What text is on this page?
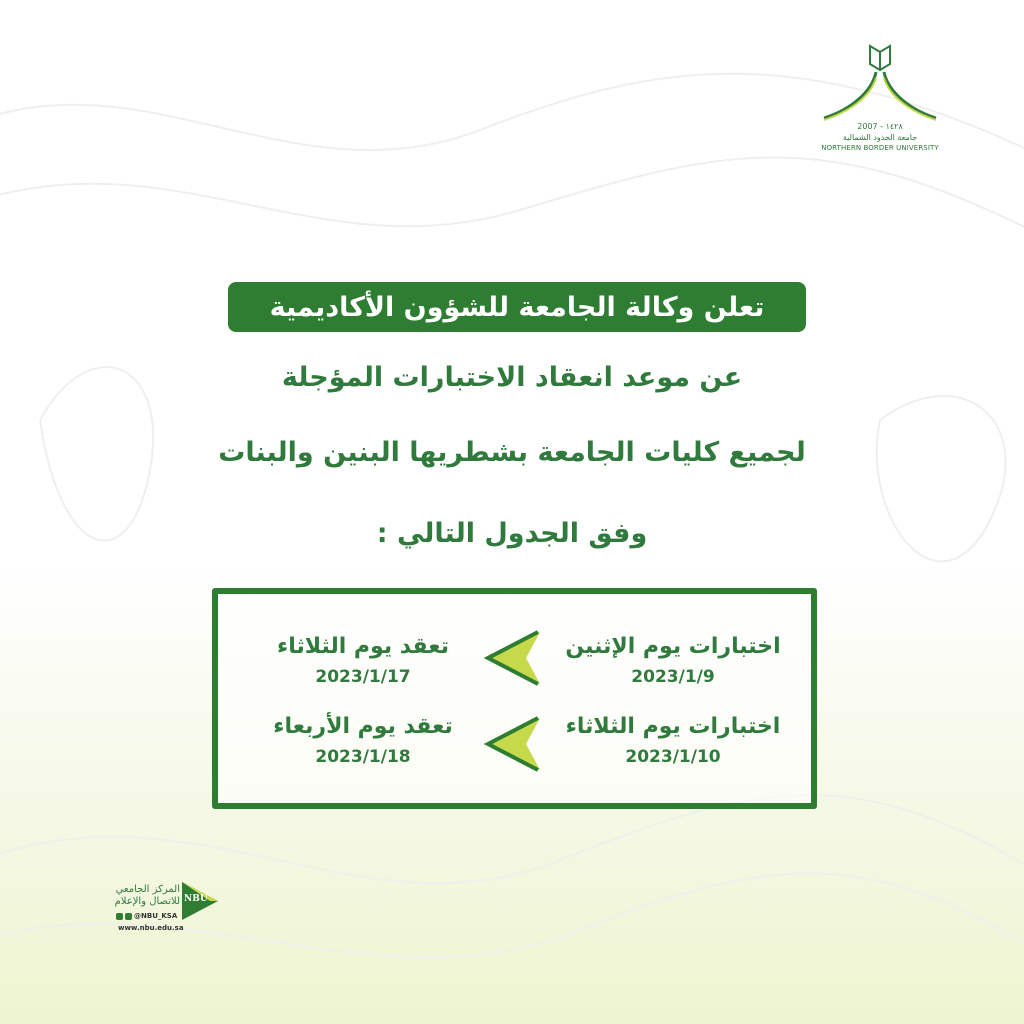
2007 - ١٤٢٨
جامعة الحدود الشمالية
NORTHERN BORDER UNIVERSITY
تعلن وكالة الجامعة للشؤون الأكاديمية
عن موعد انعقاد الاختبارات المؤجلة
لجميع كليات الجامعة بشطريها البنين والبنات
وفق الجدول التالي :
اختبارات يوم الإثنين
2023/1/9
تعقد يوم الثلاثاء
2023/1/17
اختبارات يوم الثلاثاء
2023/1/10
تعقد يوم الأربعاء
2023/1/18
المركز الجامعي للاتصال والإعلام NBU
@NBU_KSA
www.nbu.edu.sa
